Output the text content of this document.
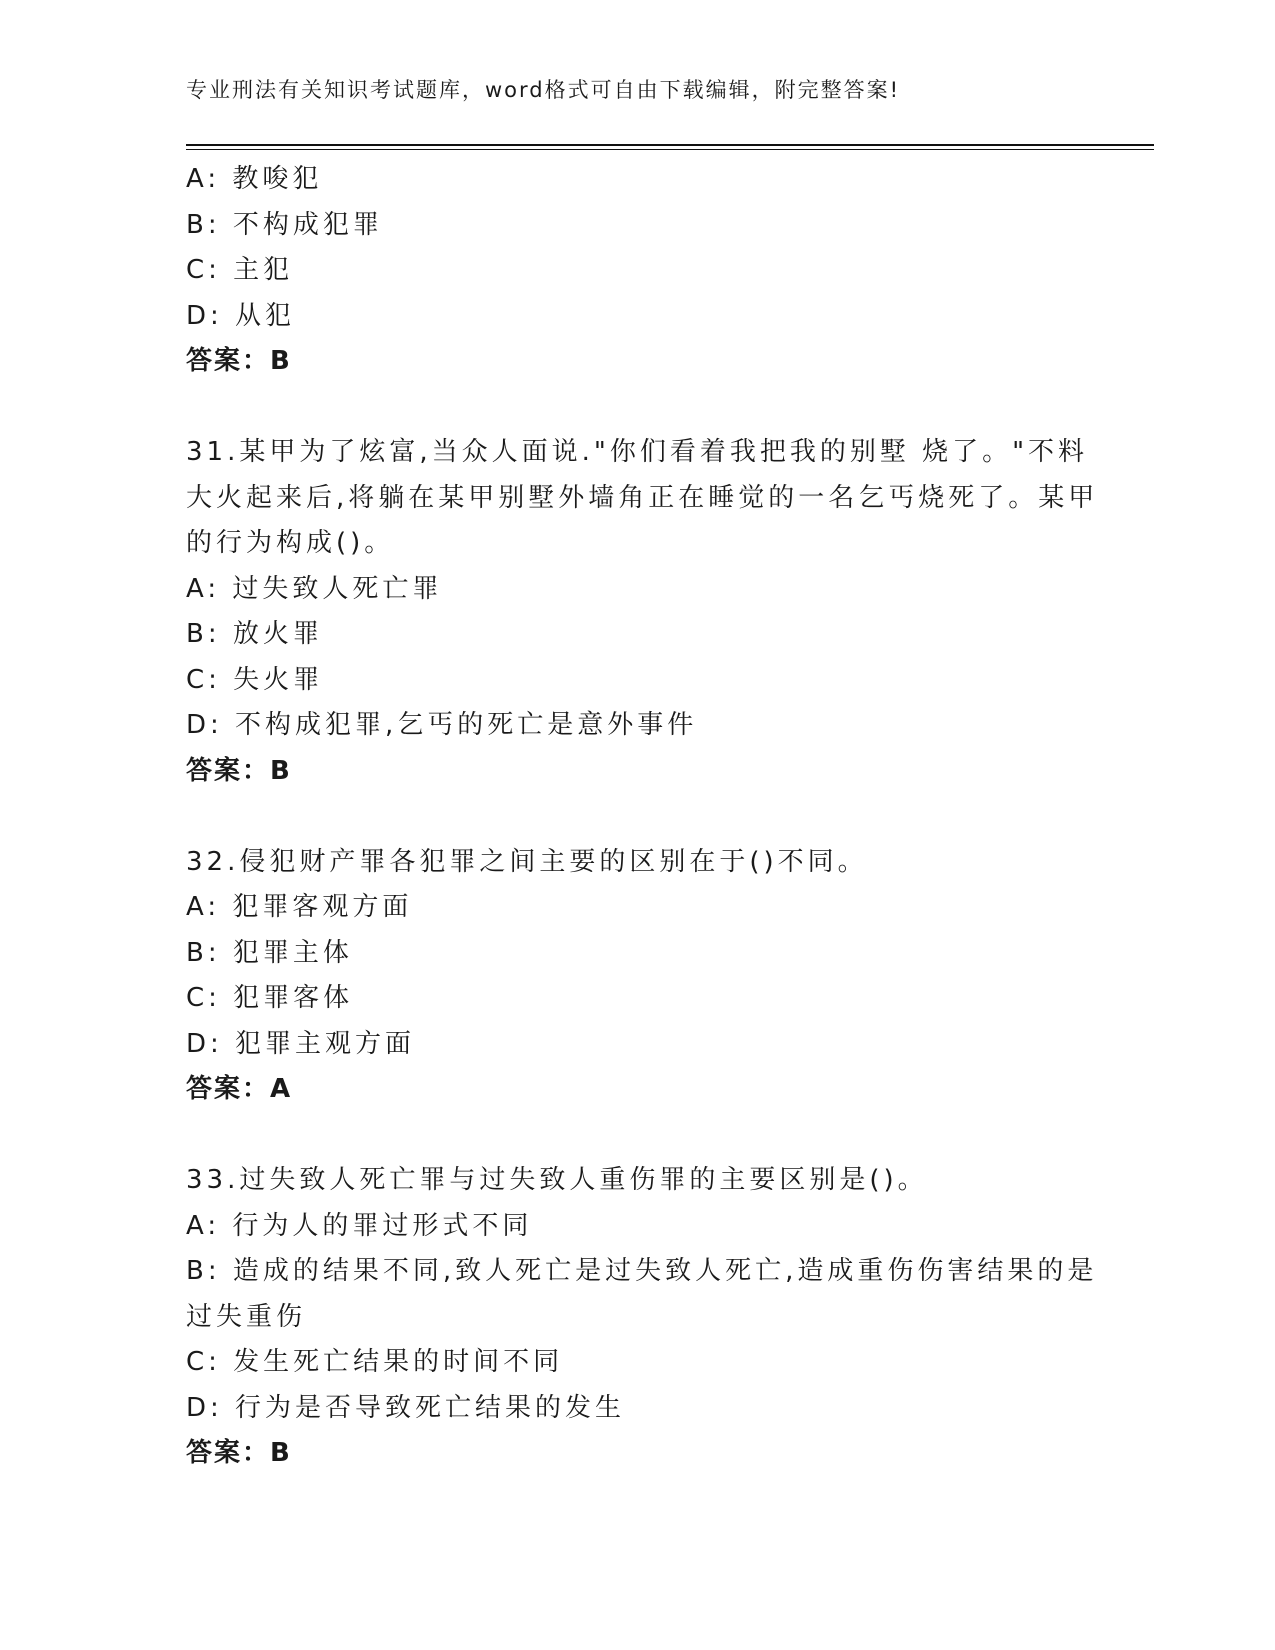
专业刑法有关知识考试题库，word格式可自由下载编辑，附完整答案!
A: 教唆犯
B: 不构成犯罪
C: 主犯
D: 从犯
答案：B
31.某甲为了炫富,当众人面说."你们看着我把我的别墅 烧了。"不料
大火起来后,将躺在某甲别墅外墙角正在睡觉的一名乞丐烧死了。某甲
的行为构成()。
A: 过失致人死亡罪
B: 放火罪
C: 失火罪
D: 不构成犯罪,乞丐的死亡是意外事件
答案：B
32.侵犯财产罪各犯罪之间主要的区别在于()不同。
A: 犯罪客观方面
B: 犯罪主体
C: 犯罪客体
D: 犯罪主观方面
答案：A
33.过失致人死亡罪与过失致人重伤罪的主要区别是()。
A: 行为人的罪过形式不同
B: 造成的结果不同,致人死亡是过失致人死亡,造成重伤伤害结果的是
过失重伤
C: 发生死亡结果的时间不同
D: 行为是否导致死亡结果的发生
答案：B
